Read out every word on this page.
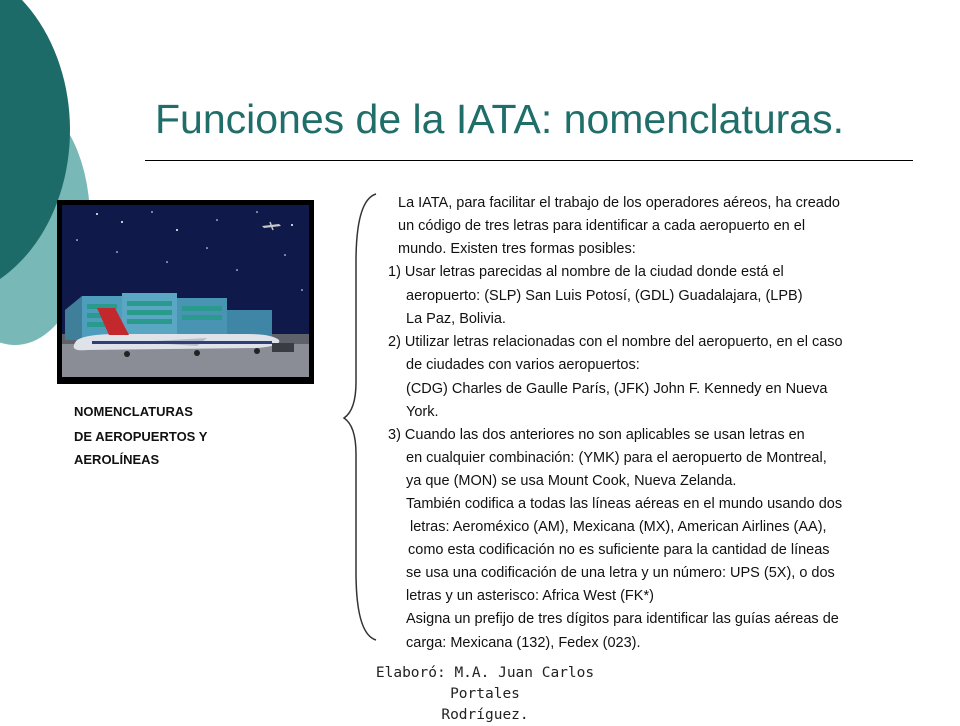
Funciones de la IATA: nomenclaturas.
NOMENCLATURAS
DE AEROPUERTOS Y
AEROLÍNEAS
La IATA, para facilitar el trabajo de los operadores aéreos, ha creado
un código de tres letras para identificar a cada aeropuerto en el
mundo. Existen tres formas posibles:
1) Usar letras parecidas al nombre de la ciudad donde está el
aeropuerto: (SLP) San Luis Potosí, (GDL) Guadalajara, (LPB)
La Paz, Bolivia.
2) Utilizar letras relacionadas con el nombre del aeropuerto, en el caso
de ciudades con varios aeropuertos:
(CDG) Charles de Gaulle París, (JFK) John F. Kennedy en Nueva
York.
3) Cuando las dos anteriores no son aplicables se usan letras en
en cualquier combinación: (YMK) para el aeropuerto de Montreal,
ya que (MON) se usa Mount Cook, Nueva Zelanda.
También codifica a todas las líneas aéreas en el mundo usando dos
letras: Aeroméxico (AM), Mexicana (MX), American Airlines (AA),
como esta codificación no es suficiente para la cantidad de líneas
se usa una codificación de una letra y un número: UPS (5X), o dos
letras y un asterisco: Africa West (FK*)
Asigna un prefijo de tres dígitos para identificar las guías aéreas de
carga: Mexicana (132), Fedex (023).
Elaboró: M.A. Juan Carlos Portales
Rodríguez.
